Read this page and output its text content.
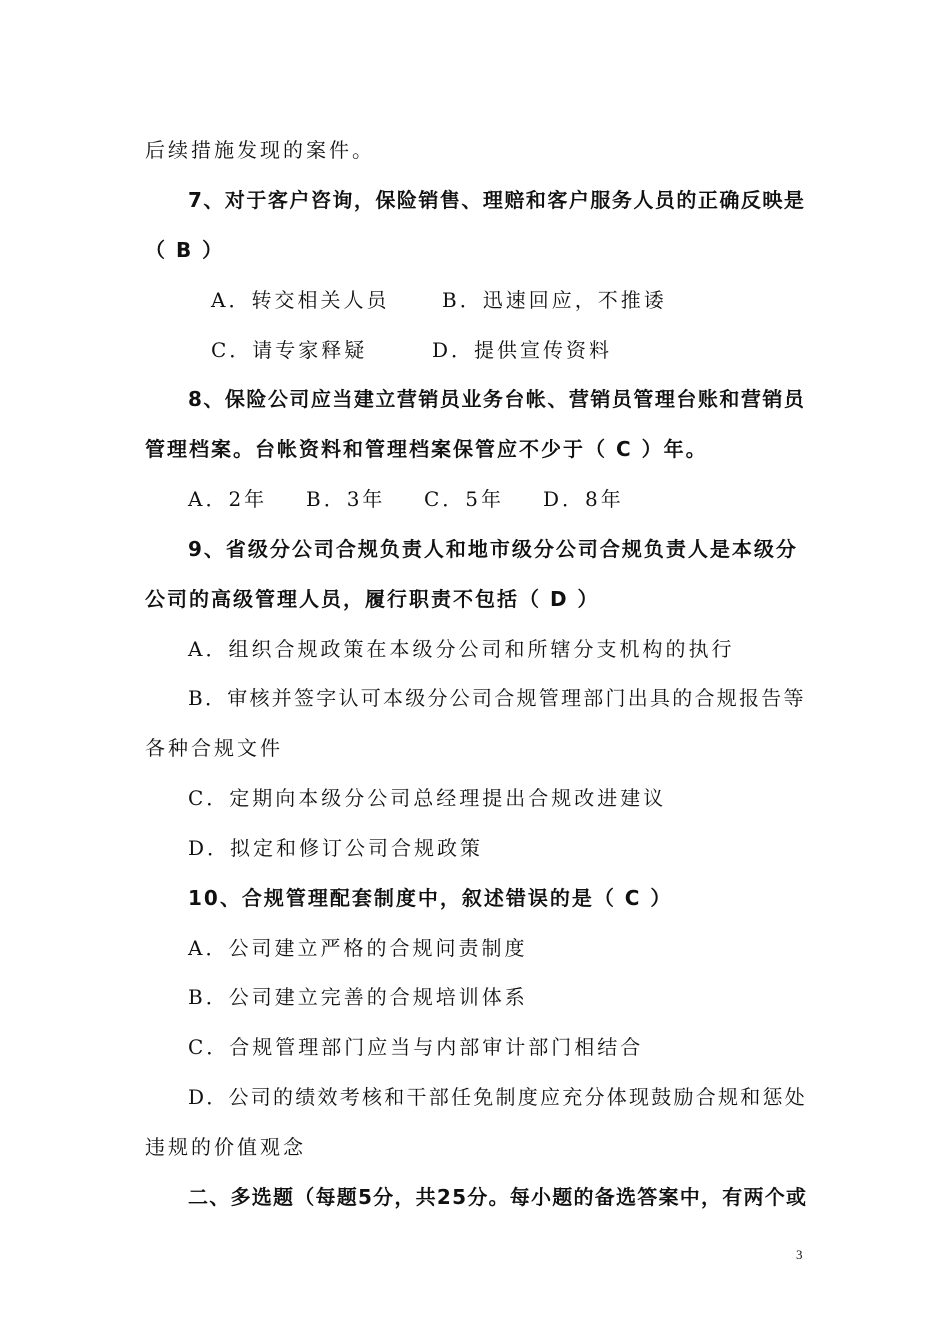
后续措施发现的案件。
7、对于客户咨询，保险销售、理赔和客户服务人员的正确反映是
（ B ）
A．转交相关人员	B．迅速回应，不推诿
C．请专家释疑	D．提供宣传资料
8、保险公司应当建立营销员业务台帐、营销员管理台账和营销员
管理档案。台帐资料和管理档案保管应不少于（ C ）年。
A．2年 B．3年 C．5年 D．8年
9、省级分公司合规负责人和地市级分公司合规负责人是本级分
公司的高级管理人员，履行职责不包括（ D ）
A．组织合规政策在本级分公司和所辖分支机构的执行
B．审核并签字认可本级分公司合规管理部门出具的合规报告等
各种合规文件
C．定期向本级分公司总经理提出合规改进建议
D．拟定和修订公司合规政策
10、合规管理配套制度中，叙述错误的是（ C ）
A．公司建立严格的合规问责制度
B．公司建立完善的合规培训体系
C．合规管理部门应当与内部审计部门相结合
D．公司的绩效考核和干部任免制度应充分体现鼓励合规和惩处
违规的价值观念
二、多选题（每题5分，共25分。每小题的备选答案中，有两个或
3
